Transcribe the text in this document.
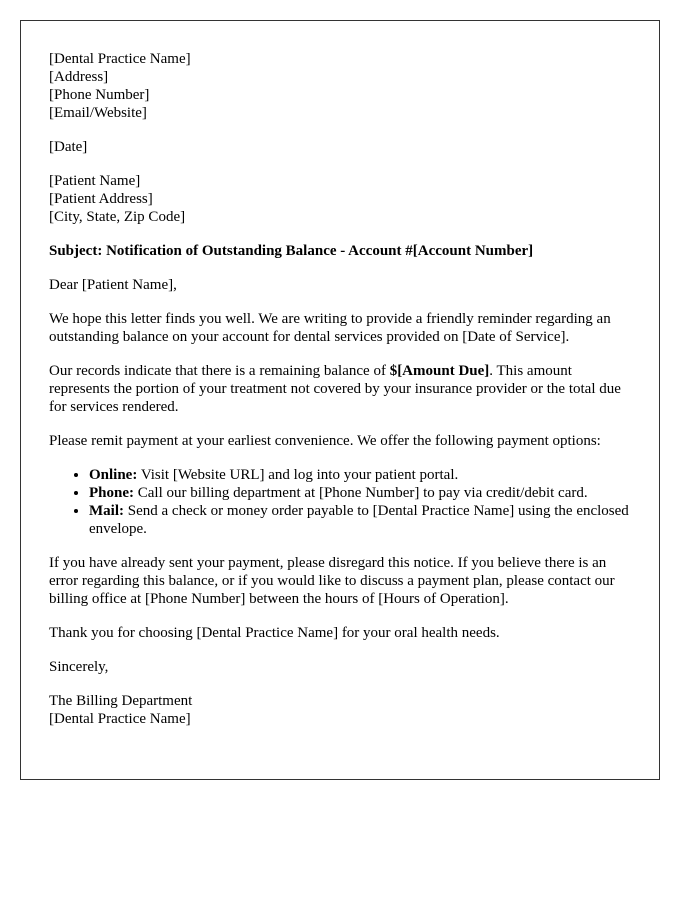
[Dental Practice Name]
[Address]
[Phone Number]
[Email/Website]
[Date]
[Patient Name]
[Patient Address]
[City, State, Zip Code]

Subject: Notification of Outstanding Balance - Account #[Account Number]

Dear [Patient Name],

We hope this letter finds you well. We are writing to provide a friendly reminder regarding an outstanding balance on your account for dental services provided on [Date of Service].

Our records indicate that there is a remaining balance of $[Amount Due]. This amount represents the portion of your treatment not covered by your insurance provider or the total due for services rendered.

Please remit payment at your earliest convenience. We offer the following payment options:

• Online: Visit [Website URL] and log into your patient portal.
• Phone: Call our billing department at [Phone Number] to pay via credit/debit card.
• Mail: Send a check or money order payable to [Dental Practice Name] using the enclosed envelope.

If you have already sent your payment, please disregard this notice. If you believe there is an error regarding this balance, or if you would like to discuss a payment plan, please contact our billing office at [Phone Number] between the hours of [Hours of Operation].

Thank you for choosing [Dental Practice Name] for your oral health needs.

Sincerely,

The Billing Department
[Dental Practice Name]
